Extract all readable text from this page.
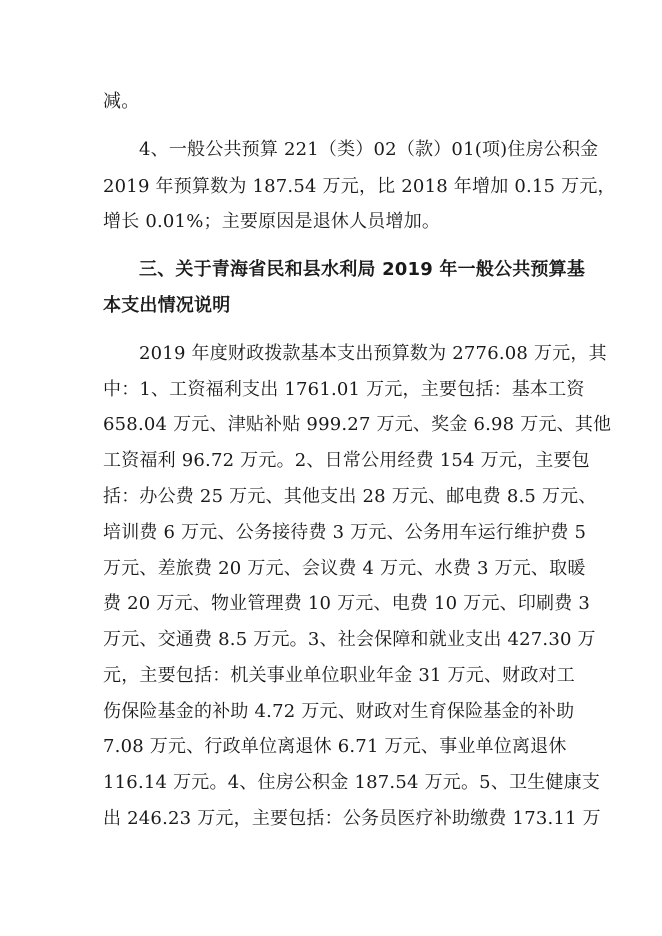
减。
4、一般公共预算 221（类）02（款）01(项)住房公积金
2019 年预算数为 187.54 万元，比 2018 年增加 0.15 万元，
增长 0.01%；主要原因是退休人员增加。
三、关于青海省民和县水利局 2019 年一般公共预算基
本支出情况说明
2019 年度财政拨款基本支出预算数为 2776.08 万元，其
中：1、工资福利支出 1761.01 万元，主要包括：基本工资
658.04 万元、津贴补贴 999.27 万元、奖金 6.98 万元、其他
工资福利 96.72 万元。2、日常公用经费 154 万元，主要包
括：办公费 25 万元、其他支出 28 万元、邮电费 8.5 万元、
培训费 6 万元、公务接待费 3 万元、公务用车运行维护费 5
万元、差旅费 20 万元、会议费 4 万元、水费 3 万元、取暖
费 20 万元、物业管理费 10 万元、电费 10 万元、印刷费 3
万元、交通费 8.5 万元。3、社会保障和就业支出 427.30 万
元，主要包括：机关事业单位职业年金 31 万元、财政对工
伤保险基金的补助 4.72 万元、财政对生育保险基金的补助
7.08 万元、行政单位离退休 6.71 万元、事业单位离退休
116.14 万元。4、住房公积金 187.54 万元。5、卫生健康支
出 246.23 万元，主要包括：公务员医疗补助缴费 173.11 万
